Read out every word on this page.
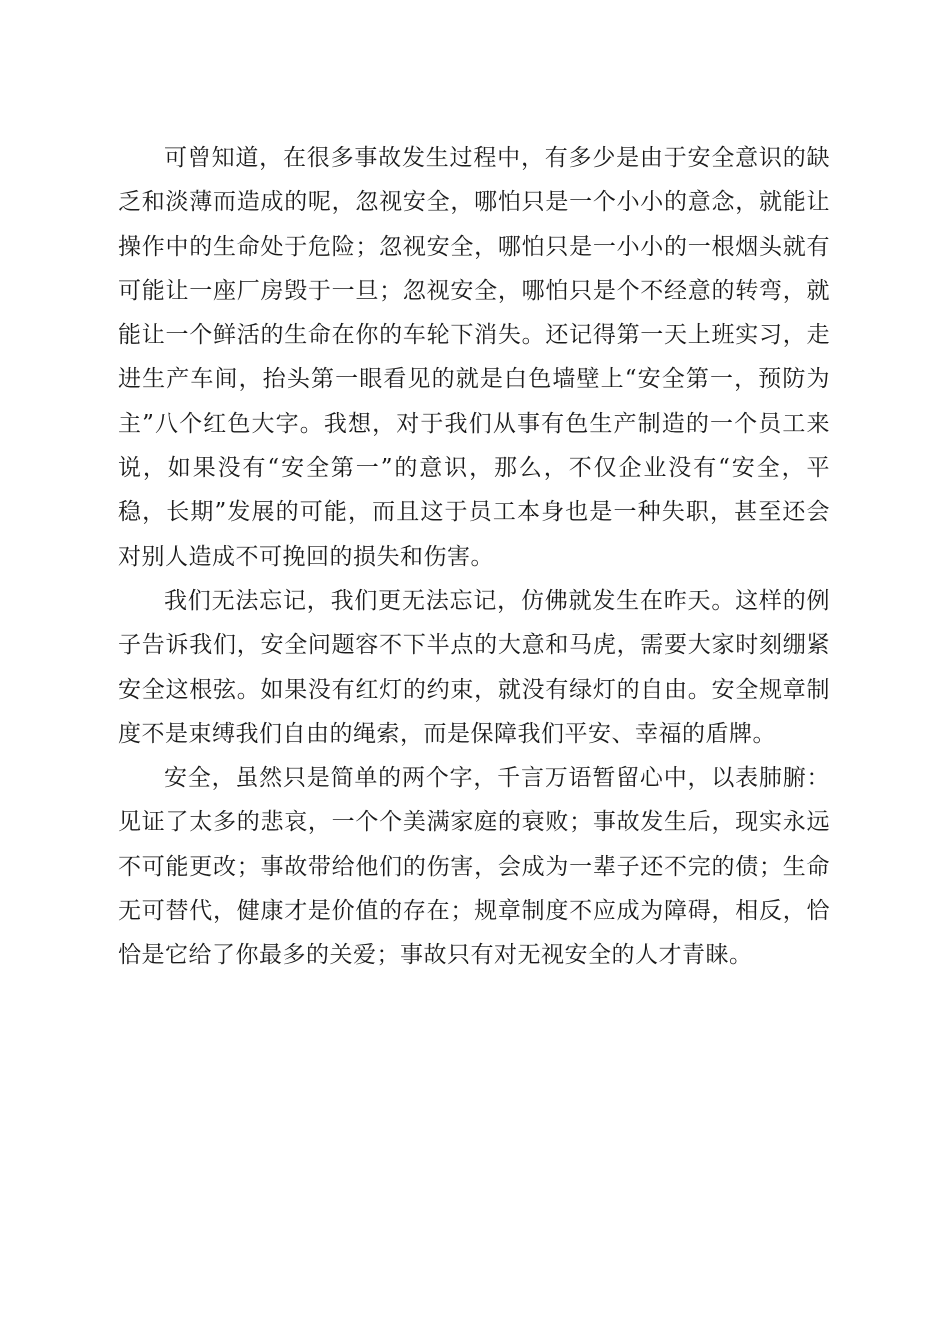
可曾知道，在很多事故发生过程中，有多少是由于安全意识的缺乏和淡薄而造成的呢，忽视安全，哪怕只是一个小小的意念，就能让操作中的生命处于危险；忽视安全，哪怕只是一小小的一根烟头就有可能让一座厂房毁于一旦；忽视安全，哪怕只是个不经意的转弯，就能让一个鲜活的生命在你的车轮下消失。还记得第一天上班实习，走进生产车间，抬头第一眼看见的就是白色墙壁上“安全第一，预防为主”八个红色大字。我想，对于我们从事有色生产制造的一个员工来说，如果没有“安全第一”的意识，那么，不仅企业没有“安全，平稳，长期”发展的可能，而且这于员工本身也是一种失职，甚至还会对别人造成不可挽回的损失和伤害。

我们无法忘记，我们更无法忘记，仿佛就发生在昨天。这样的例子告诉我们，安全问题容不下半点的大意和马虎，需要大家时刻绷紧安全这根弦。如果没有红灯的约束，就没有绿灯的自由。安全规章制度不是束缚我们自由的绳索，而是保障我们平安、幸福的盾牌。

安全，虽然只是简单的两个字，千言万语暂留心中，以表肺腑：见证了太多的悲哀，一个个美满家庭的衰败；事故发生后，现实永远不可能更改；事故带给他们的伤害，会成为一辈子还不完的债；生命无可替代，健康才是价值的存在；规章制度不应成为障碍，相反，恰恰是它给了你最多的关爱；事故只有对无视安全的人才青睐。
